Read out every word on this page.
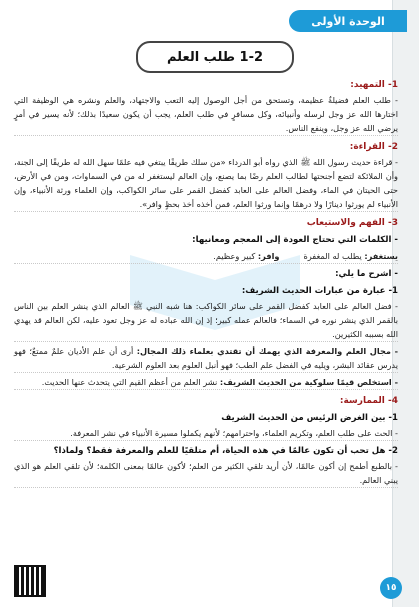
الوحدة الأولى
1-2 طلب العلم
1- التمهيد:
- طلب العلم فضيلةٌ عظيمة، وتستحق من أجل الوصول إليه التعب والاجتهاد، والعلم ونشره هي الوظيفة التي اختارها الله عز وجل لرسله وأنبيائه، وكل مسافرٍ في طلب العلم، يجب أن يكون سعيدًا بذلك؛ لأنه يسير في أمرٍ يرضي الله عز وجل، وينفع الناس.
2- القراءة:
- قراءة حديث رسول الله ﷺ الذي رواه أبو الدرداء «من سلك طريقًا يبتغي فيه علمًا سهل الله له طريقًا إلى الجنة، وأن الملائكة لتضع أجنحتها لطالب العلم رضًا بما يصنع، وإن العالم ليستغفر له من في السماوات، ومن في الأرض، حتى الحيتان في الماء، وفضل العالم على العابد كفضل القمر على سائر الكواكب، وإن العلماء ورثة الأنبياء، وإن الأنبياء لم يورثوا دينارًا ولا درهمًا وإنما ورثوا العلم، فمن أخذه أخذ بحظٍ وافر».
3- الفهم والاستيعاب
- الكلمات التي تحتاج العودة إلى المعجم ومعانيها:
يستغفر: يطلب له المغفرة
وافر: كبير وعظيم.
- اشرح ما يلي:
1- عبارة من عبارات الحديث الشريف:
- فضل العالم على العابد كفضل القمر على سائر الكواكب: هنا شبه النبي ﷺ العالم الذي ينشر العلم بين الناس بالقمر الذي ينشر نوره في السماء؛ فالعالم عمله كبير؛ إذ إن الله عباده له عز وجل تعود عليه، لكن العالم قد يهدي الله بسببه الكثيرين.
- مجال العلم والمعرفة الذي يهمك أن تقتدي بعلماء ذلك المجال: أرى أن علم الأديان علمٌ ممتعٌ؛ فهو يدرس عقائد البشر، ويليه في الفضل علم الطب؛ فهو أنبل العلوم بعد العلوم الشرعية.
- استخلص قيمًا سلوكية من الحديث الشريف: نشر العلم من أعظم القيم التي يتحدث عنها الحديث.
4- الممارسة:
1- بين الغرض الرئيس من الحديث الشريف
- الحث على طلب العلم، وتكريم العلماء، واحترامهم؛ لأنهم يكملوا مسيرة الأنبياء في نشر المعرفة.
2- هل تحب أن تكون عالمًا في هذه الحياة، أم متلقيًا للعلم والمعرفة فقط؟ ولماذا؟
- بالطبع أطمح إن أكون عالمًا، لأن أريد تلقي الكثير من العلم؛ لأكون عالمًا بمعنى الكلمة؛ لأن تلقي العلم هو الذي يبني العالم.
١٥
